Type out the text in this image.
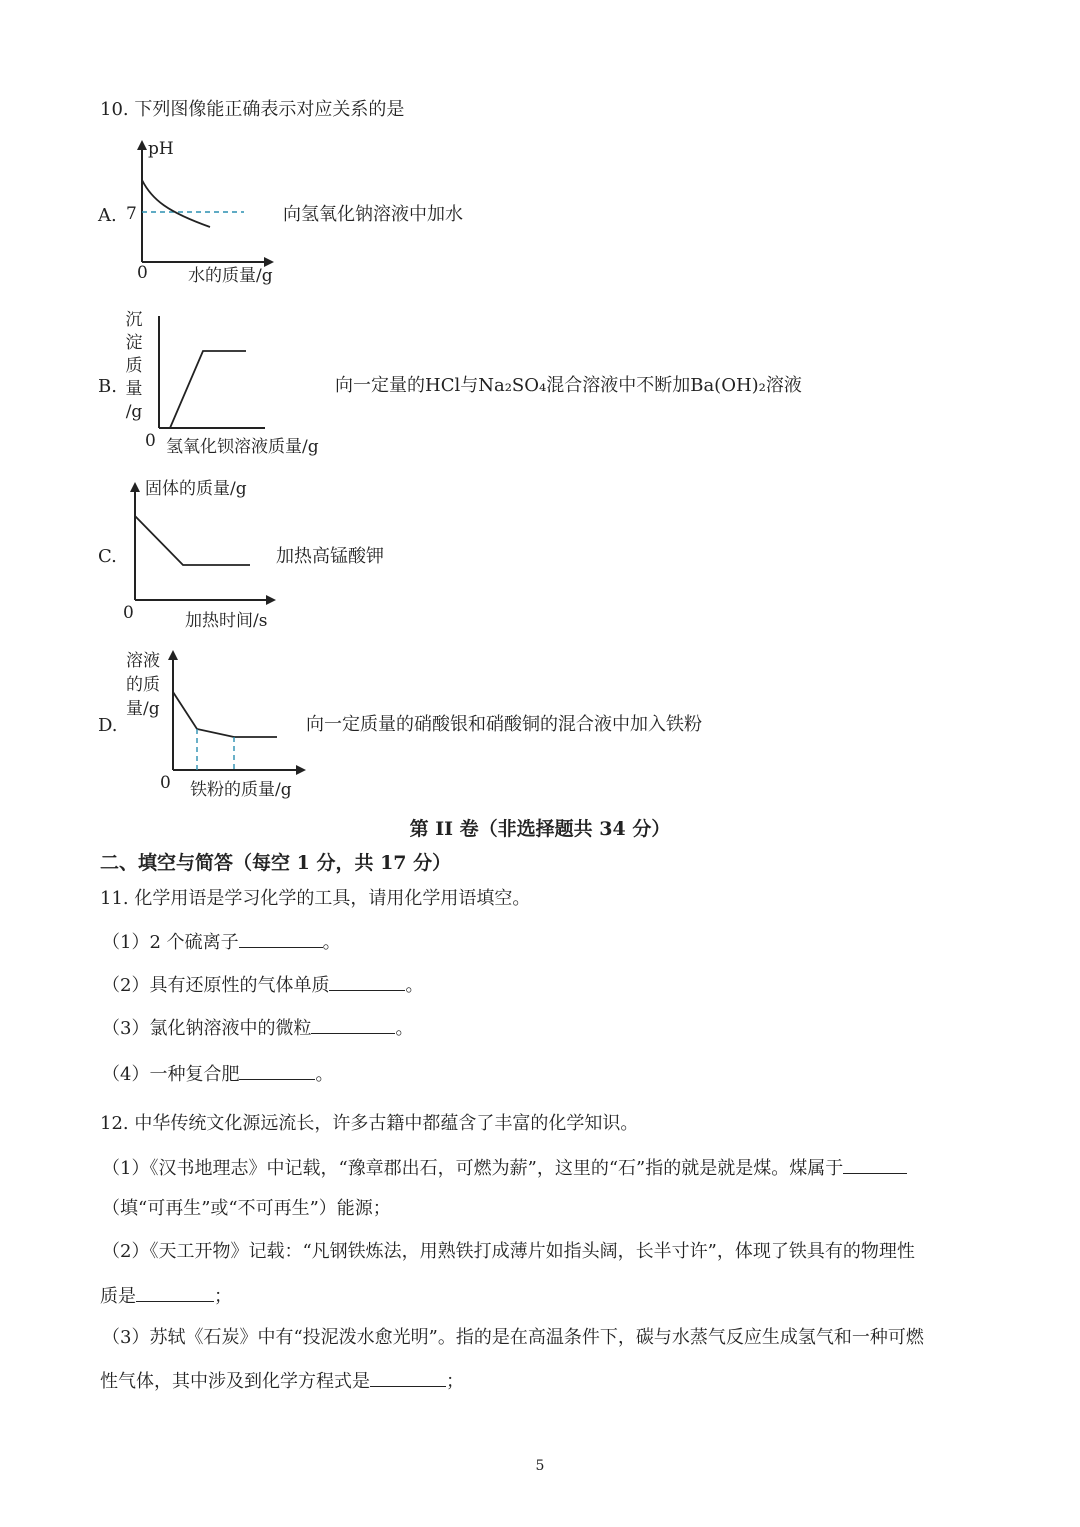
10. 下列图像能正确表示对应关系的是
A. 7
pH
0 水的质量/g
向氢氧化钠溶液中加水
B.
沉
淀
质
量
/g
0 氢氧化钡溶液质量/g
向一定量的HCl与Na₂SO₄混合溶液中不断加Ba(OH)₂溶液
C.
固体的质量/g
0	加热时间/s
加热高锰酸钾
D.
溶液
的质
量/g
0 铁粉的质量/g
向一定质量的硝酸银和硝酸铜的混合液中加入铁粉
第 II 卷（非选择题共 34 分）
二、填空与简答（每空 1 分，共 17 分）
11. 化学用语是学习化学的工具，请用化学用语填空。
（1）2 个硫离子	。
（2）具有还原性的气体单质	。
（3）氯化钠溶液中的微粒	。
（4）一种复合肥	。
12. 中华传统文化源远流长，许多古籍中都蕴含了丰富的化学知识。
（1）《汉书地理志》中记载，“豫章郡出石，可燃为薪”，这里的“石”指的就是就是煤。煤属于
（填“可再生”或“不可再生”）能源；
（2）《天工开物》记载：“凡钢铁炼法，用熟铁打成薄片如指头阔，长半寸许”，体现了铁具有的物理性
质是	；
（3）苏轼《石炭》中有“投泥泼水愈光明”。指的是在高温条件下，碳与水蒸气反应生成氢气和一种可燃
性气体，其中涉及到化学方程式是	；
5
